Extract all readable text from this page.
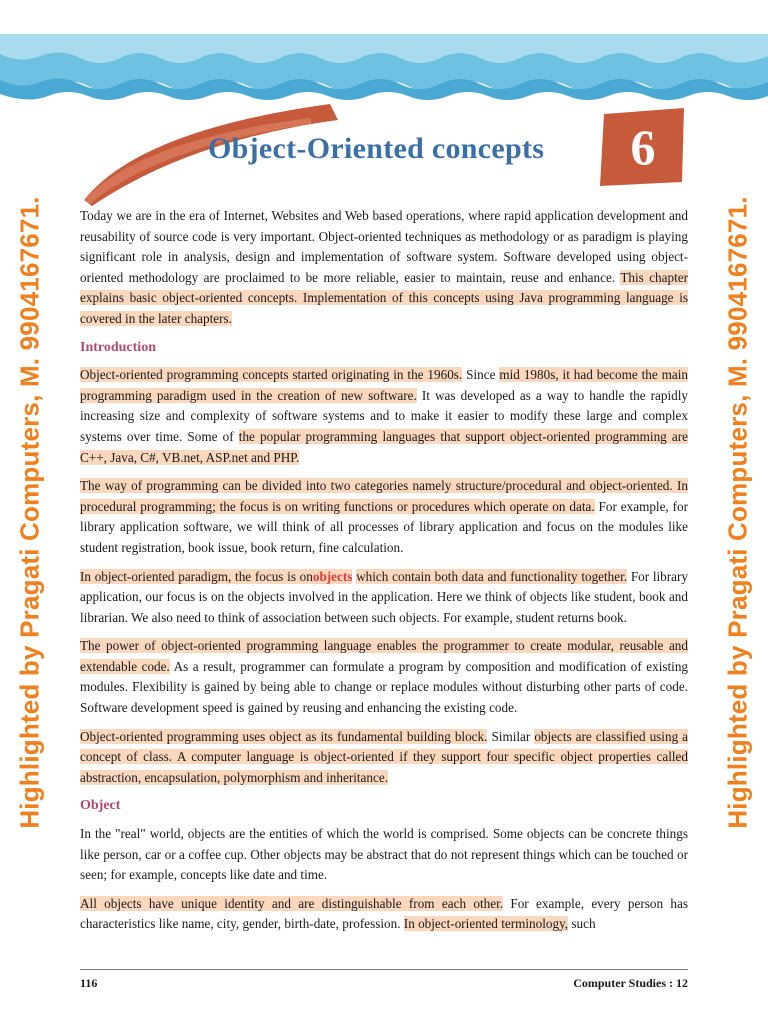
Highlighted by Pragati Computers, M. 9904167671.	Highlighted by Pragati Computers, M. 9904167671.
Object-Oriented concepts	6

Today we are in the era of Internet, Websites and Web based operations, where rapid application development and reusability of source code is very important. Object-oriented techniques as methodology or as paradigm is playing significant role in analysis, design and implementation of software system. Software developed using object-oriented methodology are proclaimed to be more reliable, easier to maintain, reuse and enhance. This chapter explains basic object-oriented concepts. Implementation of this concepts using Java programming language is covered in the later chapters.

Introduction

Object-oriented programming concepts started originating in the 1960s. Since mid 1980s, it had become the main programming paradigm used in the creation of new software. It was developed as a way to handle the rapidly increasing size and complexity of software systems and to make it easier to modify these large and complex systems over time. Some of the popular programming languages that support object-oriented programming are C++, Java, C#, VB.net, ASP.net and PHP.

The way of programming can be divided into two categories namely structure/procedural and object-oriented. In procedural programming; the focus is on writing functions or procedures which operate on data. For example, for library application software, we will think of all processes of library application and focus on the modules like student registration, book issue, book return, fine calculation.

In object-oriented paradigm, the focus is onobjects which contain both data and functionality together. For library application, our focus is on the objects involved in the application. Here we think of objects like student, book and librarian. We also need to think of association between such objects. For example, student returns book.

The power of object-oriented programming language enables the programmer to create modular, reusable and extendable code. As a result, programmer can formulate a program by composition and modification of existing modules. Flexibility is gained by being able to change or replace modules without disturbing other parts of code. Software development speed is gained by reusing and enhancing the existing code.

Object-oriented programming uses object as its fundamental building block. Similar objects are classified using a concept of class. A computer language is object-oriented if they support four specific object properties called abstraction, encapsulation, polymorphism and inheritance.

Object

In the "real" world, objects are the entities of which the world is comprised. Some objects can be concrete things like person, car or a coffee cup. Other objects may be abstract that do not represent things which can be touched or seen; for example, concepts like date and time.

All objects have unique identity and are distinguishable from each other. For example, every person has characteristics like name, city, gender, birth-date, profession. In object-oriented terminology, such

116	Computer Studies : 12
